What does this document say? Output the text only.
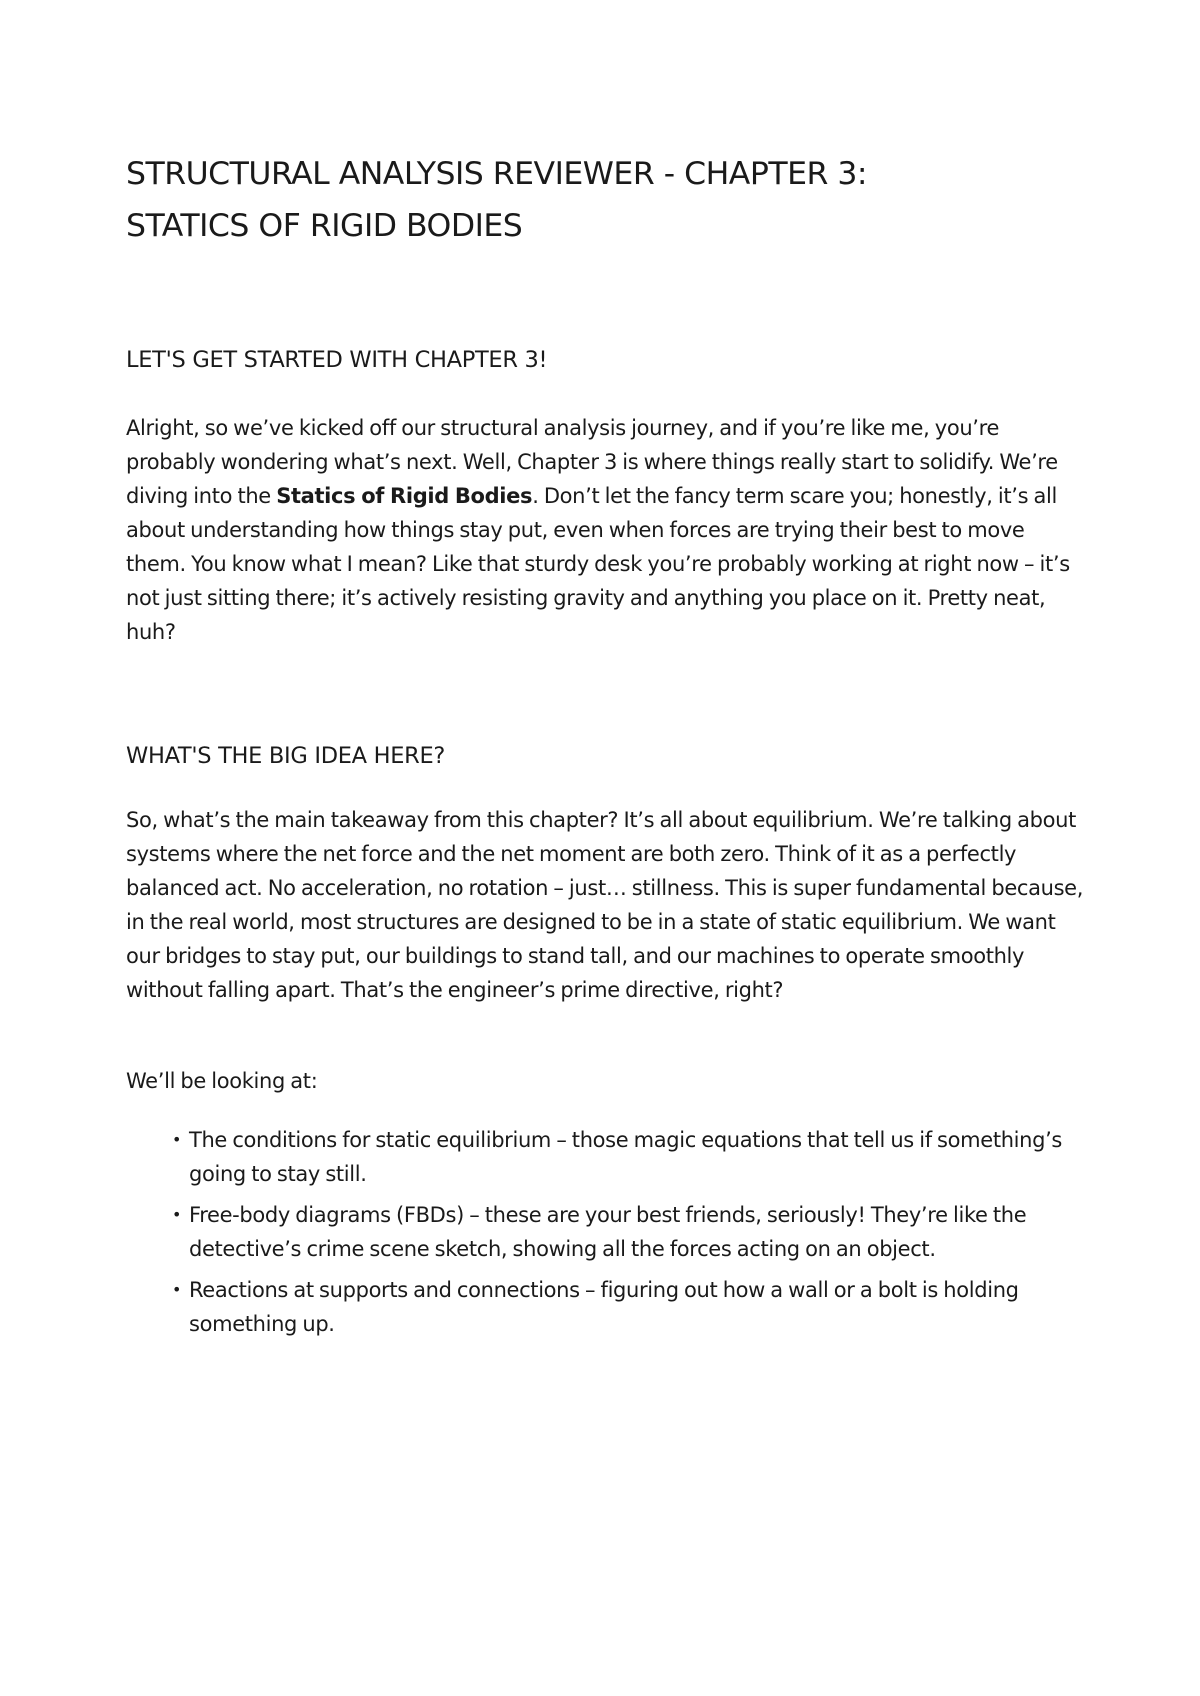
STRUCTURAL ANALYSIS REVIEWER - CHAPTER 3:
STATICS OF RIGID BODIES
LET'S GET STARTED WITH CHAPTER 3!

Alright, so we’ve kicked off our structural analysis journey, and if you’re like me, you’re probably wondering what’s next. Well, Chapter 3 is where things really start to solidify. We’re diving into the Statics of Rigid Bodies. Don’t let the fancy term scare you; honestly, it’s all about understanding how things stay put, even when forces are trying their best to move them. You know what I mean? Like that sturdy desk you’re probably working at right now – it’s not just sitting there; it’s actively resisting gravity and anything you place on it. Pretty neat, huh?

WHAT'S THE BIG IDEA HERE?

So, what’s the main takeaway from this chapter? It’s all about equilibrium. We’re talking about systems where the net force and the net moment are both zero. Think of it as a perfectly balanced act. No acceleration, no rotation – just… stillness. This is super fundamental because, in the real world, most structures are designed to be in a state of static equilibrium. We want our bridges to stay put, our buildings to stand tall, and our machines to operate smoothly without falling apart. That’s the engineer’s prime directive, right?

We’ll be looking at:

• The conditions for static equilibrium – those magic equations that tell us if something’s going to stay still.
• Free-body diagrams (FBDs) – these are your best friends, seriously! They’re like the detective’s crime scene sketch, showing all the forces acting on an object.
• Reactions at supports and connections – figuring out how a wall or a bolt is holding something up.
